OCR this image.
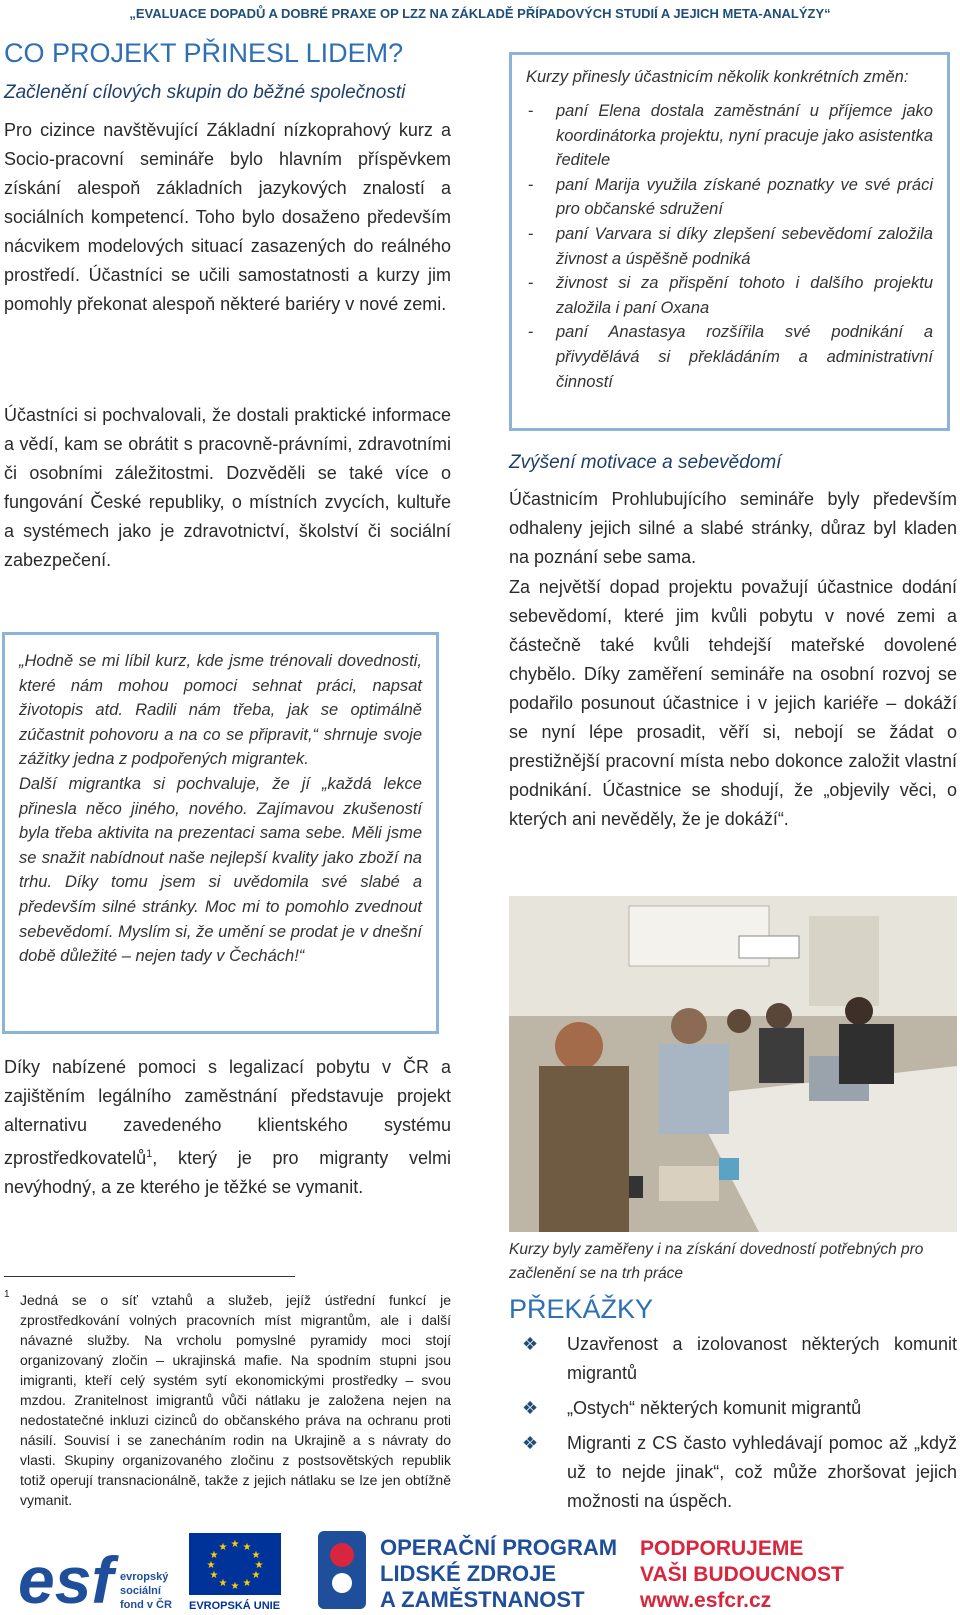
„EVALUACE DOPADŮ A DOBRÉ PRAXE OP LZZ NA ZÁKLADĚ PŘÍPADOVÝCH STUDIÍ A JEJICH META-ANALÝZY“
CO PROJEKT PŘINESL LIDEM?
Začlenění cílových skupin do běžné společnosti
Pro cizince navštěvující Základní nízkoprahový kurz a Socio-pracovní semináře bylo hlavním příspěvkem získání alespoň základních jazykových znalostí a sociálních kompetencí. Toho bylo dosaženo především nácvikem modelových situací zasazených do reálného prostředí. Účastníci se učili samostatnosti a kurzy jim pomohly překonat alespoň některé bariéry v nové zemi.
Účastníci si pochvalovali, že dostali praktické informace a vědí, kam se obrátit s pracovně-právními, zdravotními či osobními záležitostmi. Dozvěděli se také více o fungování České republiky, o místních zvycích, kultuře a systémech jako je zdravotnictví, školství či sociální zabezpečení.

„Hodně se mi líbil kurz, kde jsme trénovali dovednosti, které nám mohou pomoci sehnat práci, napsat životopis atd. Radili nám třeba, jak se optimálně zúčastnit pohovoru a na co se připravit,“ shrnuje svoje zážitky jedna z podpořených migrantek.

Další migrantka si pochvaluje, že jí „každá lekce přinesla něco jiného, nového. Zajímavou zkušeností byla třeba aktivita na prezentaci sama sebe. Měli jsme se snažit nabídnout naše nejlepší kvality jako zboží na trhu. Díky tomu jsem si uvědomila své slabé a především silné stránky. Moc mi to pomohlo zvednout sebevědomí. Myslím si, že umění se prodat je v dnešní době důležité – nejen tady v Čechách!“

Díky nabízené pomoci s legalizací pobytu v ČR a zajištěním legálního zaměstnání představuje projekt alternativu zavedeného klientského systému zprostředkovatelů$^1$, který je pro migranty velmi nevýhodný, a ze kterého je těžké se vymanit.
$^1$ Jedná se o síť vztahů a služeb, jejíž ústřední funkcí je zprostředkování volných pracovních míst migrantům, ale i další návazné služby. Na vrcholu pomyslné pyramidy moci stojí organizovaný zločin – ukrajinská mafie. Na spodním stupni jsou imigranti, kteří celý systém sytí ekonomickými prostředky – svou mzdou. Zranitelnost imigrantů vůči nátlaku je založena nejen na nedostatečné inkluzi cizinců do občanského práva na ochranu proti násilí. Souvisí i se zanecháním rodin na Ukrajině a s návraty do vlasti. Skupiny organizovaného zločinu z postsovětských republik totiž operují transnacionálně, takže z jejich nátlaku se lze jen obtížně vymanit.
Kurzy přinesly účastnicím několik konkrétních změn:
- paní Elena dostala zaměstnání u příjemce jako koordinátorka projektu, nyní pracuje jako asistentka ředitele
- paní Marija využila získané poznatky ve své práci pro občanské sdružení
- paní Varvara si díky zlepšení sebevědomí založila živnost a úspěšně podniká
- živnost si za přispění tohoto i dalšího projektu založila i paní Oxana
- paní Anastasya rozšířila své podnikání a přivydělává si překládáním a administrativní činností
Zvýšení motivace a sebevědomí
Účastnicím Prohlubujícího semináře byly především odhaleny jejich silné a slabé stránky, důraz byl kladen na poznání sebe sama.
Za největší dopad projektu považují účastnice dodání sebevědomí, které jim kvůli pobytu v nové zemi a částečně také kvůli tehdejší mateřské dovolené chybělo. Díky zaměření semináře na osobní rozvoj se podařilo posunout účastnice i v jejich kariéře – dokáží se nyní lépe prosadit, věří si, nebojí se žádat o prestižnější pracovní místa nebo dokonce založit vlastní podnikání. Účastnice se shodují, že „objevily věci, o kterých ani nevěděly, že je dokáží“.
Kurzy byly zaměřeny i na získání dovedností potřebných pro začlenění se na trh práce
PŘEKÁŽKY
❖ Uzavřenost a izolovanost některých komunit migrantů
❖ „Ostych“ některých komunit migrantů
❖ Migranti z CS často vyhledávají pomoc až „když už to nejde jinak“, což může zhoršovat jejich možnosti na úspěch.
esf evropský
sociální
fond v ČR
★ ★
★
★
★
★
★
★
★
★
★
★
EVROPSKÁ UNIE
OPERAČNÍ PROGRAM
LIDSKÉ ZDROJE
A ZAMĚSTNANOST
PODPORUJEME
VAŠI BUDOUCNOST
www.esfcr.cz
